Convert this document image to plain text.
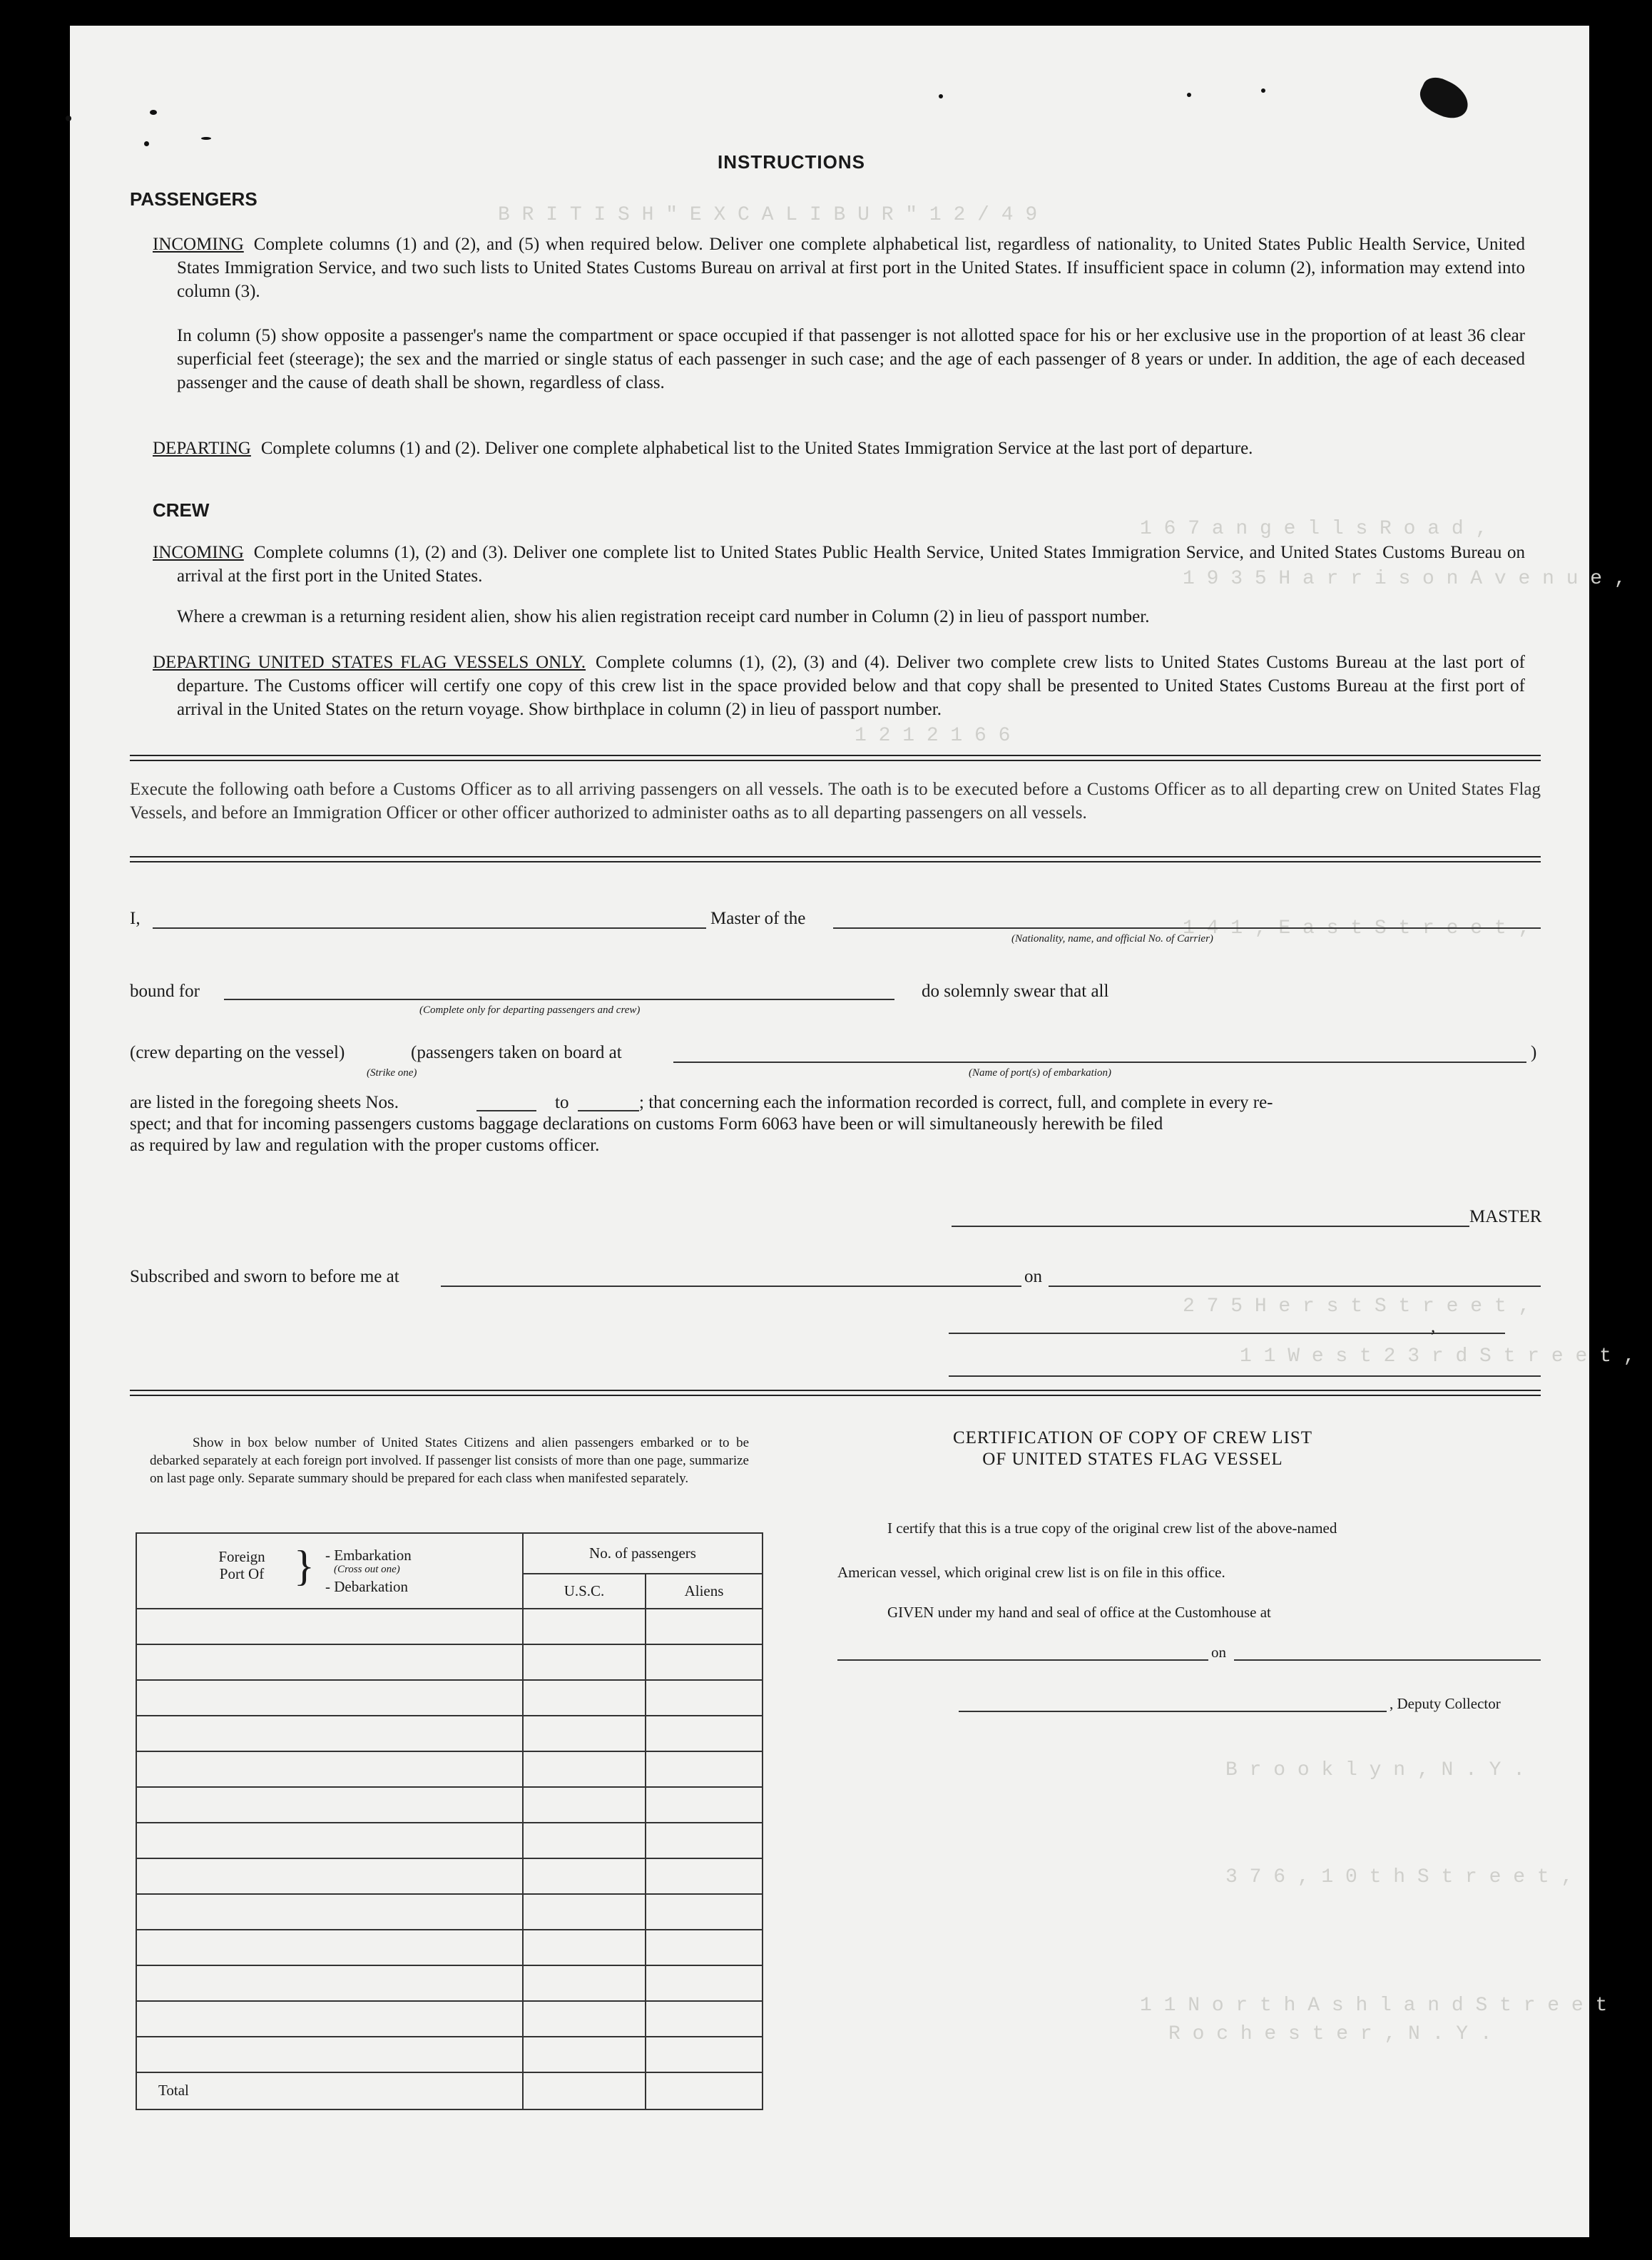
B R I T I S H " E X C A L I B U R " 1 2 / 4 9
1 2 1 2 1 6 6
1 6 7 a n g e l l s R o a d ,
1 9 3 5 H a r r i s o n A v e n u e ,
1 4 1 , E a s t S t r e e t ,
2 7 5 H e r s t S t r e e t ,
1 1 W e s t 2 3 r d S t r e e t ,
B r o o k l y n , N . Y .
3 7 6 , 1 0 t h S t r e e t ,
1 1 N o r t h A s h l a n d S t r e e t
R o c h e s t e r , N . Y .
INSTRUCTIONS
PASSENGERS
INCOMING Complete columns (1) and (2), and (5) when required below. Deliver one complete alphabetical list, regardless of nationality, to United States Public Health Service, United States Immigration Service, and two such lists to United States Customs Bureau on arrival at first port in the United States. If insufficient space in column (2), information may extend into column (3).
In column (5) show opposite a passenger's name the compartment or space occupied if that passenger is not allotted space for his or her exclusive use in the proportion of at least 36 clear superficial feet (steerage); the sex and the married or single status of each passenger in such case; and the age of each passenger of 8 years or under. In addition, the age of each deceased passenger and the cause of death shall be shown, regardless of class.
DEPARTING Complete columns (1) and (2). Deliver one complete alphabetical list to the United States Immigration Service at the last port of departure.
CREW
INCOMING Complete columns (1), (2) and (3). Deliver one complete list to United States Public Health Service, United States Immigration Service, and United States Customs Bureau on arrival at the first port in the United States.
Where a crewman is a returning resident alien, show his alien registration receipt card number in Column (2) in lieu of passport number.
DEPARTING UNITED STATES FLAG VESSELS ONLY. Complete columns (1), (2), (3) and (4). Deliver two complete crew lists to United States Customs Bureau at the last port of departure. The Customs officer will certify one copy of this crew list in the space provided below and that copy shall be presented to United States Customs Bureau at the first port of arrival in the United States on the return voyage. Show birthplace in column (2) in lieu of passport number.
Execute the following oath before a Customs Officer as to all arriving passengers on all vessels. The oath is to be executed before a Customs Officer as to all departing crew on United States Flag Vessels, and before an Immigration Officer or other officer authorized to administer oaths as to all departing passengers on all vessels.
I,	Master of the
(Nationality, name, and official No. of Carrier)
bound for
(Complete only for departing passengers and crew)
do solemnly swear that all
(crew departing on the vessel)	(passengers taken on board at	)
(Strike one)	(Name of port(s) of embarkation)
are listed in the foregoing sheets Nos.	to	; that concerning each the information recorded is correct, full, and complete in every re-
spect; and that for incoming passengers customs baggage declarations on customs Form 6063 have been or will simultaneously herewith be filed
as required by law and regulation with the proper customs officer.
MASTER
Subscribed and sworn to before me at	on
,
Show in box below number of United States Citizens and alien passengers embarked or to be debarked separately at each foreign port involved. If passenger list consists of more than one page, summarize on last page only. Separate summary should be prepared for each class when manifested separately.
Foreign Port Of } - Embarkation
(Cross out one)
- Debarkation	No. of passengers	
	U.S.C.	Aliens

Total		
CERTIFICATION OF COPY OF CREW LIST
OF UNITED STATES FLAG VESSEL
I certify that this is a true copy of the original crew list of the above-named
American vessel, which original crew list is on file in this office.
GIVEN under my hand and seal of office at the Customhouse at
on
, Deputy Collector
